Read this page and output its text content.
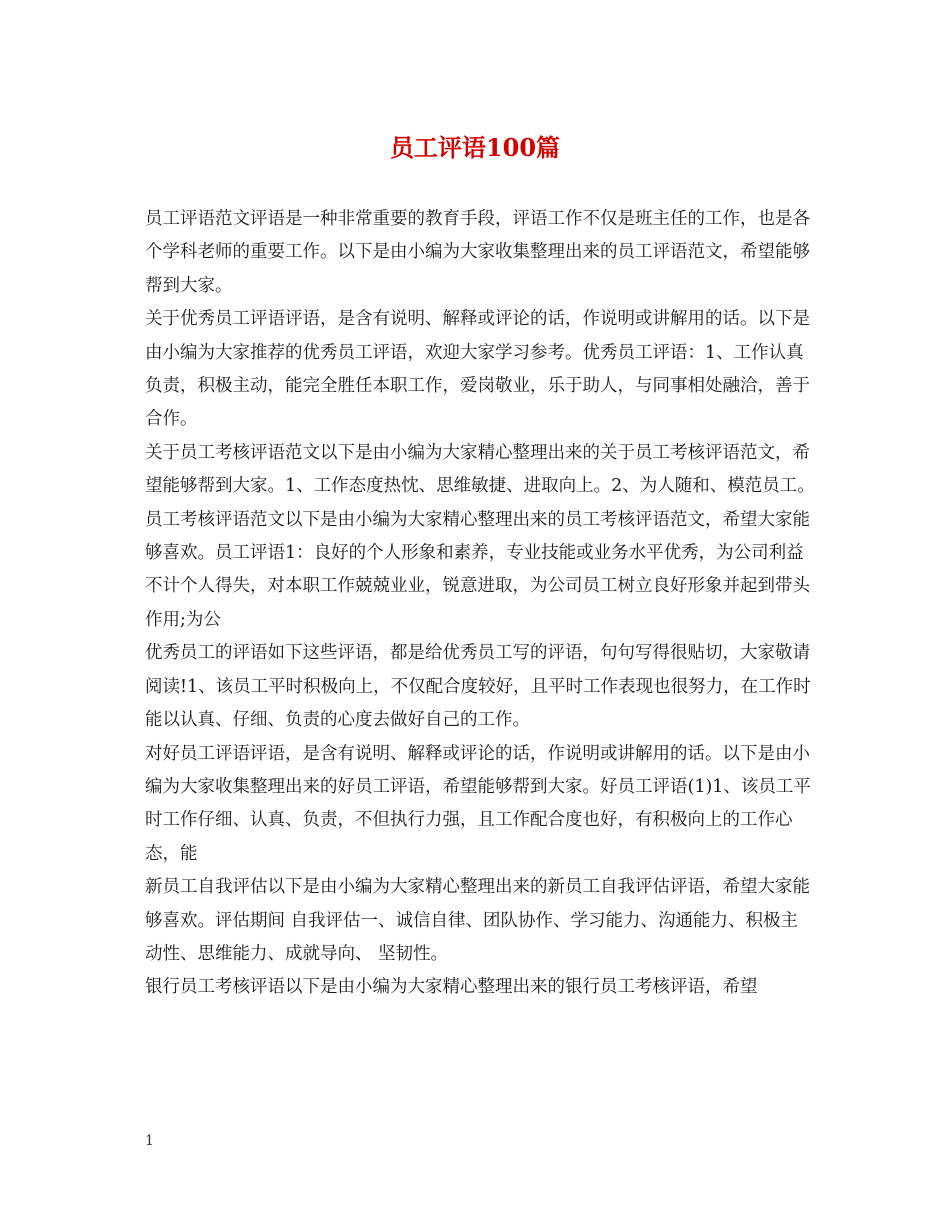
员工评语100篇

员工评语范文评语是一种非常重要的教育手段，评语工作不仅是班主任的工作，也是各个学科老师的重要工作。以下是由小编为大家收集整理出来的员工评语范文，希望能够帮到大家。

关于优秀员工评语评语，是含有说明、解释或评论的话，作说明或讲解用的话。以下是由小编为大家推荐的优秀员工评语，欢迎大家学习参考。优秀员工评语：1、工作认真负责，积极主动，能完全胜任本职工作，爱岗敬业，乐于助人，与同事相处融洽，善于合作。

关于员工考核评语范文以下是由小编为大家精心整理出来的关于员工考核评语范文，希望能够帮到大家。1、工作态度热忱、思维敏捷、进取向上。2、为人随和、模范员工。

员工考核评语范文以下是由小编为大家精心整理出来的员工考核评语范文，希望大家能够喜欢。员工评语1：良好的个人形象和素养，专业技能或业务水平优秀，为公司利益不计个人得失，对本职工作兢兢业业，锐意进取，为公司员工树立良好形象并起到带头作用;为公

优秀员工的评语如下这些评语，都是给优秀员工写的评语，句句写得很贴切，大家敬请阅读!1、该员工平时积极向上，不仅配合度较好，且平时工作表现也很努力，在工作时能以认真、仔细、负责的心度去做好自己的工作。

对好员工评语评语，是含有说明、解释或评论的话，作说明或讲解用的话。以下是由小编为大家收集整理出来的好员工评语，希望能够帮到大家。好员工评语(1)1、该员工平时工作仔细、认真、负责，不但执行力强，且工作配合度也好，有积极向上的工作心态，能

新员工自我评估以下是由小编为大家精心整理出来的新员工自我评估评语，希望大家能够喜欢。评估期间 自我评估一、诚信自律、团队协作、学习能力、沟通能力、积极主动性、思维能力、成就导向、 坚韧性。

银行员工考核评语以下是由小编为大家精心整理出来的银行员工考核评语，希望

1
